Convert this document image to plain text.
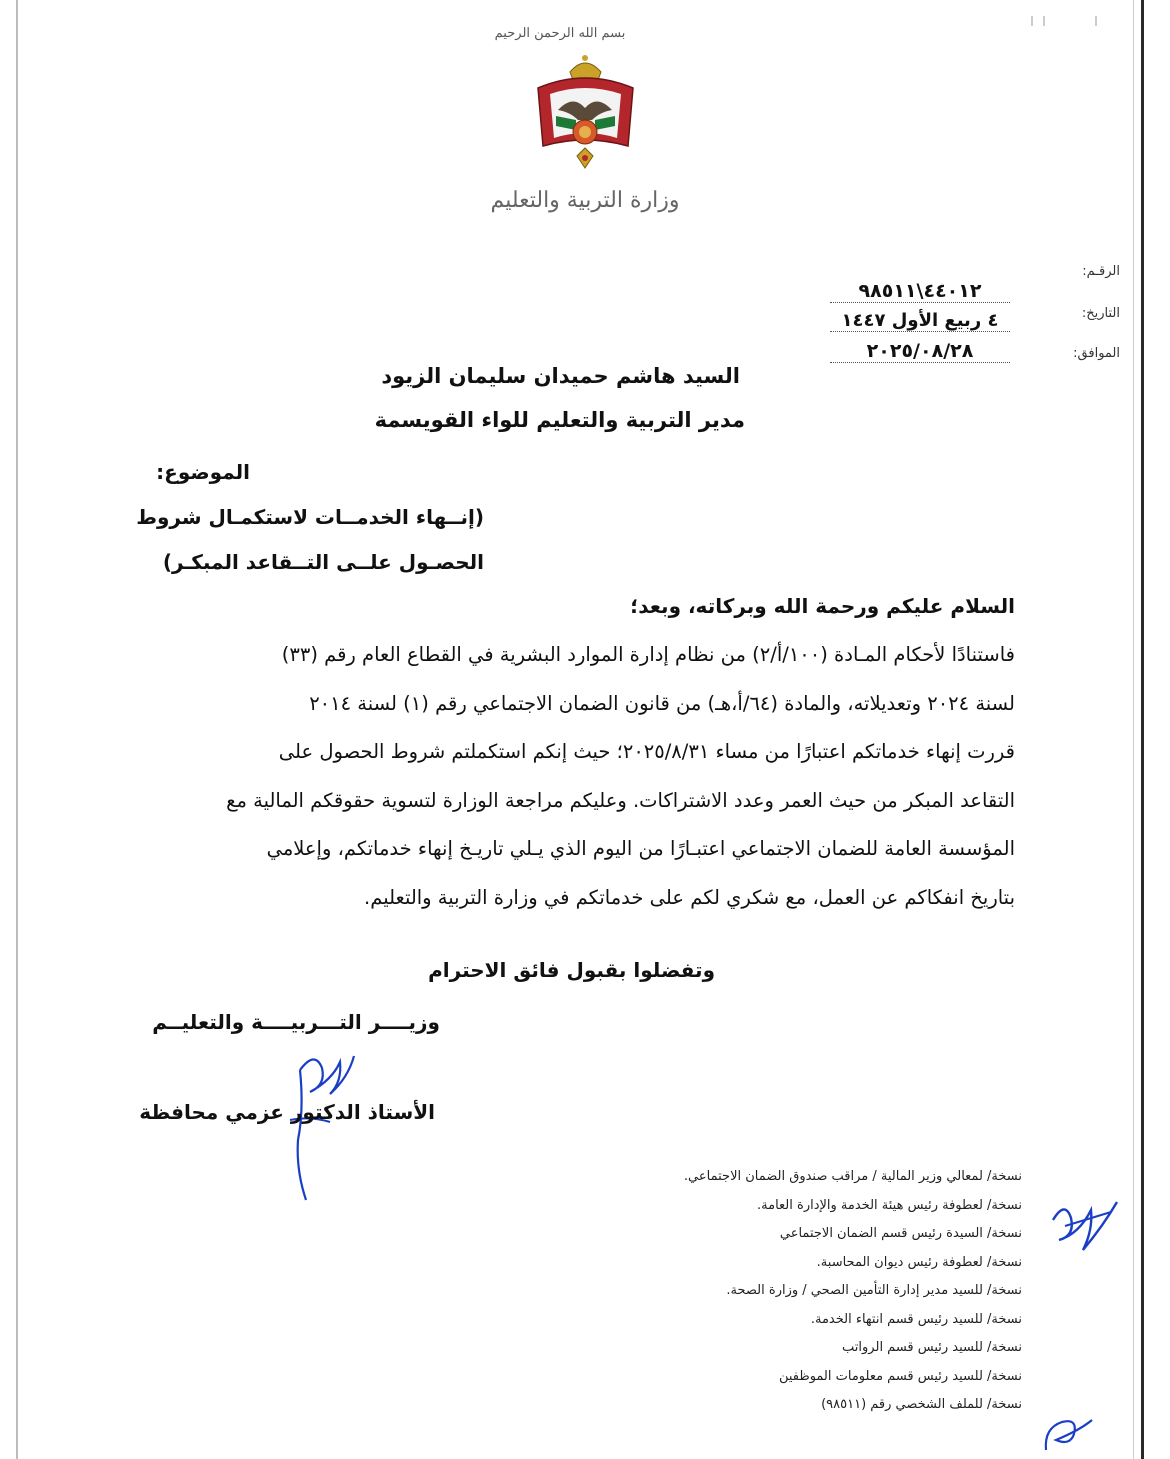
بسم الله الرحمن الرحيم
وزارة التربية والتعليم
الرقـم:
٤٤٠١٢\٩٨٥١١
التاريخ:
٤ ربيع الأول ١٤٤٧
الموافق:
٢٠٢٥/٠٨/٢٨
السيد هاشم حميدان سليمان الزيود
مدير التربية والتعليم للواء القويسمة
الموضوع:
(إنــهاء الخدمــات لاستكمـال شروط
الحصـول علــى التــقاعد المبكـر)
السلام عليكم ورحمة الله وبركاته، وبعد؛
فاستنادًا لأحكام المـادة (١٠٠/أ/٢) من نظام إدارة الموارد البشرية في القطاع العام رقم (٣٣)
لسنة ٢٠٢٤ وتعديلاته، والمادة (٦٤/أ،هـ) من قانون الضمان الاجتماعي رقم (١) لسنة ٢٠١٤
قررت إنهاء خدماتكم اعتبارًا من مساء ٢٠٢٥/٨/٣١؛ حيث إنكم استكملتم شروط الحصول على
التقاعد المبكر من حيث العمر وعدد الاشتراكات. وعليكم مراجعة الوزارة لتسوية حقوقكم المالية مع
المؤسسة العامة للضمان الاجتماعي اعتبـارًا من اليوم الذي يـلي تاريـخ إنهاء خدماتكم، وإعلامي
بتاريخ انفكاكم عن العمل، مع شكري لكم على خدماتكم في وزارة التربية والتعليم.
وتفضلوا بقبول فائق الاحترام
وزيــــر التـــربيــــة والتعليــم
الأستاذ الدكتور عزمي محافظة
نسخة/ لمعالي وزير المالية / مراقب صندوق الضمان الاجتماعي.
نسخة/ لعطوفة رئيس هيئة الخدمة والإدارة العامة.
نسخة/ السيدة رئيس قسم الضمان الاجتماعي
نسخة/ لعطوفة رئيس ديوان المحاسبة.
نسخة/ للسيد مدير إدارة التأمين الصحي / وزارة الصحة.
نسخة/ للسيد رئيس قسم انتهاء الخدمة.
نسخة/ للسيد رئيس قسم الرواتب
نسخة/ للسيد رئيس قسم معلومات الموظفين
نسخة/ للملف الشخصي رقم (٩٨٥١١)
